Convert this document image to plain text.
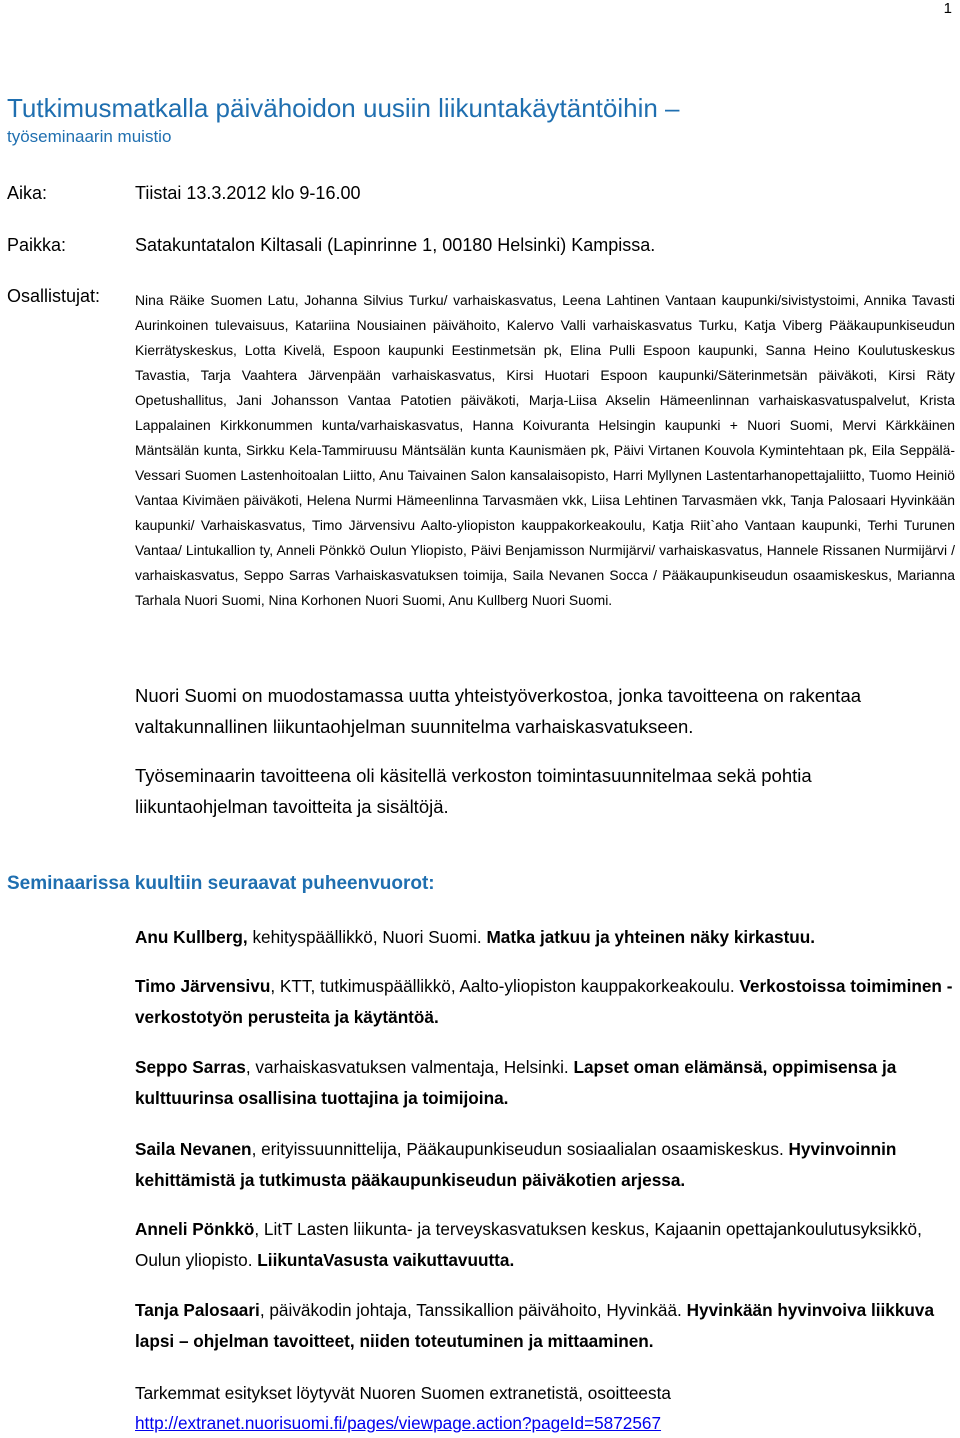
1
Tutkimusmatkalla päivähoidon uusiin liikuntakäytäntöihin –
työseminaarin muistio
Aika:	Tiistai 13.3.2012 klo 9-16.00
Paikka:	Satakuntatalon Kiltasali (Lapinrinne 1, 00180 Helsinki) Kampissa.
Osallistujat:	Nina Räike Suomen Latu, Johanna Silvius Turku/ varhaiskasvatus, Leena Lahtinen Vantaan kaupunki/sivistystoimi, Annika Tavasti Aurinkoinen tulevaisuus, Katariina Nousiainen päivähoito, Kalervo Valli varhaiskasvatus Turku, Katja Viberg Pääkaupunkiseudun Kierrätyskeskus, Lotta Kivelä, Espoon kaupunki Eestinmetsän pk, Elina Pulli Espoon kaupunki, Sanna Heino Koulutuskeskus Tavastia, Tarja Vaahtera Järvenpään varhaiskasvatus, Kirsi Huotari Espoon kaupunki/Säterinmetsän päiväkoti, Kirsi Räty Opetushallitus, Jani Johansson Vantaa Patotien päiväkoti, Marja-Liisa Akselin Hämeenlinnan varhaiskasvatuspalvelut, Krista Lappalainen Kirkkonummen kunta/varhaiskasvatus, Hanna Koivuranta Helsingin kaupunki + Nuori Suomi, Mervi Kärkkäinen Mäntsälän kunta, Sirkku Kela-Tammiruusu Mäntsälän kunta Kaunismäen pk, Päivi Virtanen Kouvola Kymintehtaan pk, Eila Seppälä-Vessari Suomen Lastenhoitoalan Liitto, Anu Taivainen Salon kansalaisopisto, Harri Myllynen Lastentarhanopettajaliitto, Tuomo Heiniö Vantaa Kivimäen päiväkoti, Helena Nurmi Hämeenlinna Tarvasmäen vkk, Liisa Lehtinen Tarvasmäen vkk, Tanja Palosaari Hyvinkään kaupunki/ Varhaiskasvatus, Timo Järvensivu Aalto-yliopiston kauppakorkeakoulu, Katja Riit`aho Vantaan kaupunki, Terhi Turunen Vantaa/ Lintukallion ty, Anneli Pönkkö Oulun Yliopisto, Päivi Benjamisson Nurmijärvi/ varhaiskasvatus, Hannele Rissanen Nurmijärvi / varhaiskasvatus, Seppo Sarras Varhaiskasvatuksen toimija, Saila Nevanen Socca / Pääkaupunkiseudun osaamiskeskus, Marianna Tarhala Nuori Suomi, Nina Korhonen Nuori Suomi, Anu Kullberg Nuori Suomi.
Nuori Suomi on muodostamassa uutta yhteistyöverkostoa, jonka tavoitteena on rakentaa valtakunnallinen liikuntaohjelman suunnitelma varhaiskasvatukseen.
Työseminaarin tavoitteena oli käsitellä verkoston toimintasuunnitelmaa sekä pohtia liikuntaohjelman tavoitteita ja sisältöjä.
Seminaarissa kuultiin seuraavat puheenvuorot:
Anu Kullberg, kehityspäällikkö, Nuori Suomi. Matka jatkuu ja yhteinen näky kirkastuu.
Timo Järvensivu, KTT, tutkimuspäällikkö, Aalto-yliopiston kauppakorkeakoulu. Verkostoissa toimiminen - verkostotyön perusteita ja käytäntöä.
Seppo Sarras, varhaiskasvatuksen valmentaja, Helsinki. Lapset oman elämänsä, oppimisensa ja kulttuurinsa osallisina tuottajina ja toimijoina.
Saila Nevanen, erityissuunnittelija, Pääkaupunkiseudun sosiaalialan osaamiskeskus. Hyvinvoinnin kehittämistä ja tutkimusta pääkaupunkiseudun päiväkotien arjessa.
Anneli Pönkkö, LitT Lasten liikunta- ja terveyskasvatuksen keskus, Kajaanin opettajankoulutusyksikkö, Oulun yliopisto. LiikuntaVasusta vaikuttavuutta.
Tanja Palosaari, päiväkodin johtaja, Tanssikallion päivähoito, Hyvinkää. Hyvinkään hyvinvoiva liikkuva lapsi – ohjelman tavoitteet, niiden toteutuminen ja mittaaminen.
Tarkemmat esitykset löytyvät Nuoren Suomen extranetistä, osoitteesta
http://extranet.nuorisuomi.fi/pages/viewpage.action?pageId=5872567
